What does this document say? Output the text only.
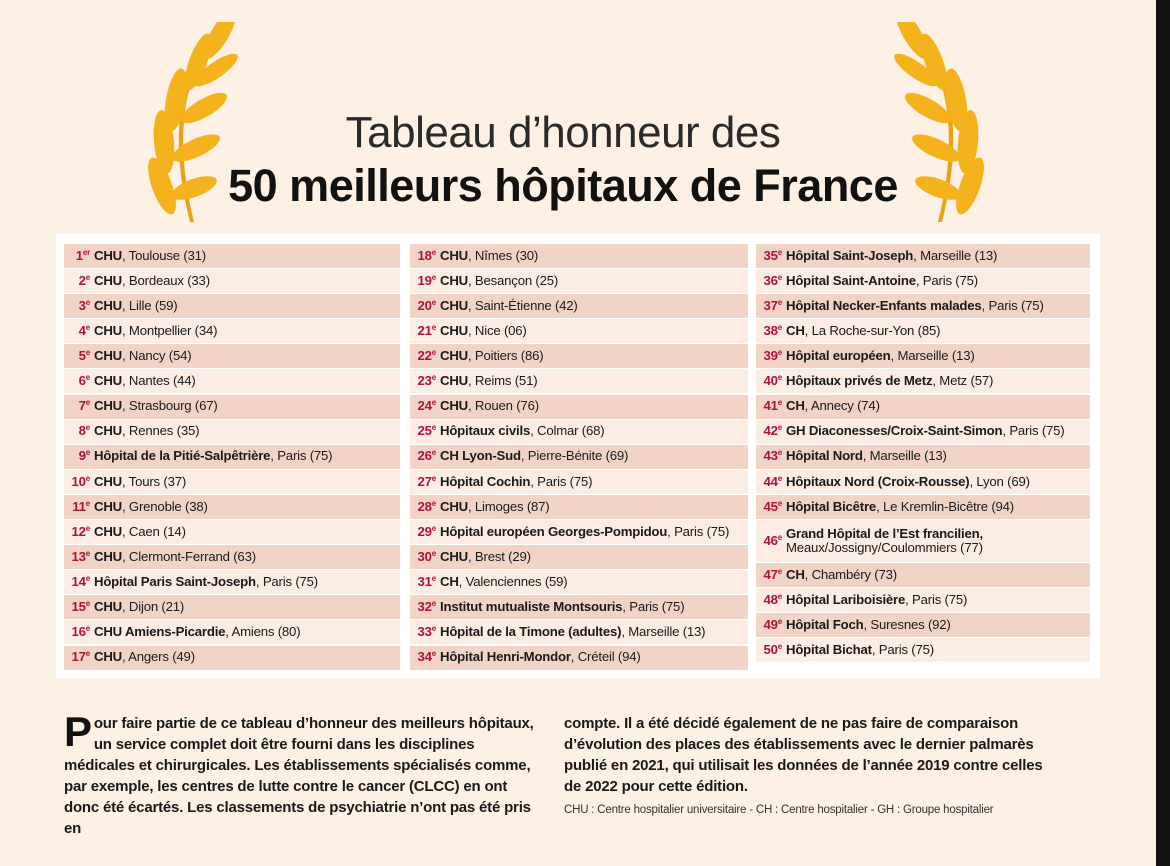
Tableau d’honneur des
50 meilleurs hôpitaux de France
1er CHU, Toulouse (31)
2e CHU, Bordeaux (33)
3e CHU, Lille (59)
4e CHU, Montpellier (34)
5e CHU, Nancy (54)
6e CHU, Nantes (44)
7e CHU, Strasbourg (67)
8e CHU, Rennes (35)
9e Hôpital de la Pitié-Salpêtrière, Paris (75)
10e CHU, Tours (37)
11e CHU, Grenoble (38)
12e CHU, Caen (14)
13e CHU, Clermont-Ferrand (63)
14e Hôpital Paris Saint-Joseph, Paris (75)
15e CHU, Dijon (21)
16e CHU Amiens-Picardie, Amiens (80)
17e CHU, Angers (49)
18e CHU, Nîmes (30)
19e CHU, Besançon (25)
20e CHU, Saint-Étienne (42)
21e CHU, Nice (06)
22e CHU, Poitiers (86)
23e CHU, Reims (51)
24e CHU, Rouen (76)
25e Hôpitaux civils, Colmar (68)
26e CH Lyon-Sud, Pierre-Bénite (69)
27e Hôpital Cochin, Paris (75)
28e CHU, Limoges (87)
29e Hôpital européen Georges-Pompidou, Paris (75)
30e CHU, Brest (29)
31e CH, Valenciennes (59)
32e Institut mutualiste Montsouris, Paris (75)
33e Hôpital de la Timone (adultes), Marseille (13)
34e Hôpital Henri-Mondor, Créteil (94)
35e Hôpital Saint-Joseph, Marseille (13)
36e Hôpital Saint-Antoine, Paris (75)
37e Hôpital Necker-Enfants malades, Paris (75)
38e CH, La Roche-sur-Yon (85)
39e Hôpital européen, Marseille (13)
40e Hôpitaux privés de Metz, Metz (57)
41e CH, Annecy (74)
42e GH Diaconesses/Croix-Saint-Simon, Paris (75)
43e Hôpital Nord, Marseille (13)
44e Hôpitaux Nord (Croix-Rousse), Lyon (69)
45e Hôpital Bicêtre, Le Kremlin-Bicêtre (94)
46e Grand Hôpital de l’Est francilien,
Meaux/Jossigny/Coulommiers (77)
47e CH, Chambéry (73)
48e Hôpital Lariboisière, Paris (75)
49e Hôpital Foch, Suresnes (92)
50e Hôpital Bichat, Paris (75)
Pour faire partie de ce tableau d’honneur des meilleurs hôpitaux, un service complet doit être fourni dans les disciplines médicales et chirurgicales. Les établissements spécialisés comme, par exemple, les centres de lutte contre le cancer (CLCC) en ont donc été écartés. Les classements de psychiatrie n’ont pas été pris en
compte. Il a été décidé également de ne pas faire de comparaison d’évolution des places des établissements avec le dernier palmarès publié en 2021, qui utilisait les données de l’année 2019 contre celles de 2022 pour cette édition.
CHU : Centre hospitalier universitaire - CH : Centre hospitalier - GH : Groupe hospitalier
